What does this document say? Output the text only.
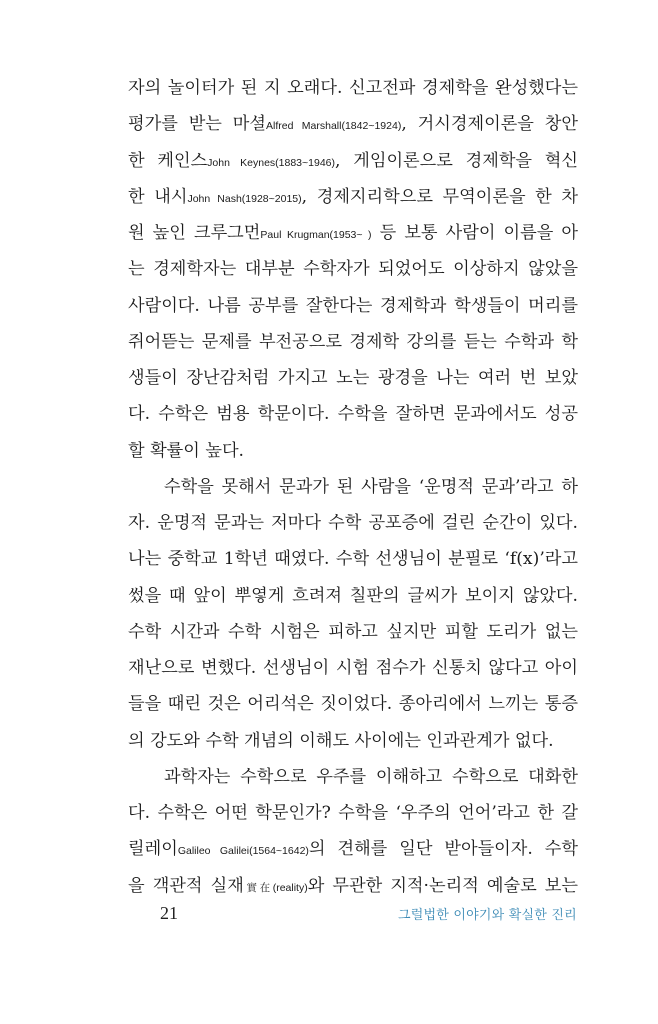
자의 놀이터가 된 지 오래다. 신고전파 경제학을 완성했다는
평가를 받는 마셜Alfred Marshall(1842~1924), 거시경제이론을 창안
한 케인스John Keynes(1883~1946), 게임이론으로 경제학을 혁신
한 내시John Nash(1928~2015), 경제지리학으로 무역이론을 한 차
원 높인 크루그먼Paul Krugman(1953~ ) 등 보통 사람이 이름을 아
는 경제학자는 대부분 수학자가 되었어도 이상하지 않았을
사람이다. 나름 공부를 잘한다는 경제학과 학생들이 머리를
쥐어뜯는 문제를 부전공으로 경제학 강의를 듣는 수학과 학
생들이 장난감처럼 가지고 노는 광경을 나는 여러 번 보았
다. 수학은 범용 학문이다. 수학을 잘하면 문과에서도 성공
할 확률이 높다.
수학을 못해서 문과가 된 사람을 ‘운명적 문과’라고 하
자. 운명적 문과는 저마다 수학 공포증에 걸린 순간이 있다.
나는 중학교 1학년 때였다. 수학 선생님이 분필로 ‘f(x)’라고
썼을 때 앞이 뿌옇게 흐려져 칠판의 글씨가 보이지 않았다.
수학 시간과 수학 시험은 피하고 싶지만 피할 도리가 없는
재난으로 변했다. 선생님이 시험 점수가 신통치 않다고 아이
들을 때린 것은 어리석은 짓이었다. 종아리에서 느끼는 통증
의 강도와 수학 개념의 이해도 사이에는 인과관계가 없다.
과학자는 수학으로 우주를 이해하고 수학으로 대화한
다. 수학은 어떤 학문인가? 수학을 ‘우주의 언어’라고 한 갈
릴레이Galileo Galilei(1564~1642)의 견해를 일단 받아들이자. 수학
을 객관적 실재實在(reality)와 무관한 지적·논리적 예술로 보는
21	그럴법한 이야기와 확실한 진리
